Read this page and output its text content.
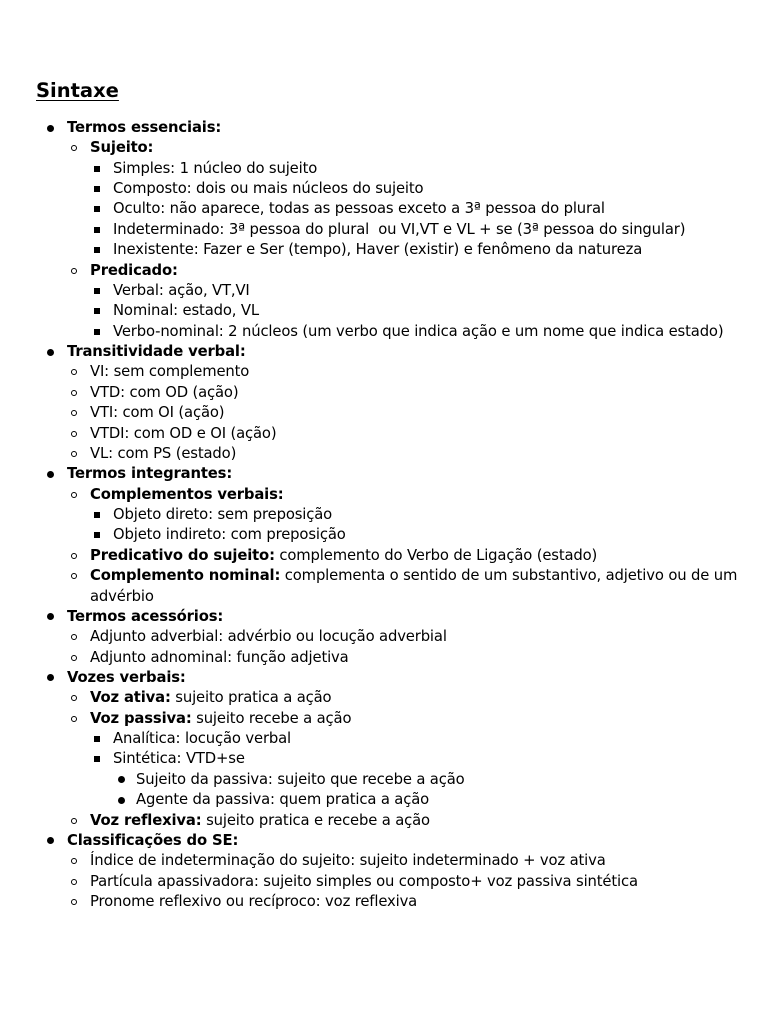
Sintaxe
Termos essenciais:
Sujeito:
Simples: 1 núcleo do sujeito
Composto: dois ou mais núcleos do sujeito
Oculto: não aparece, todas as pessoas exceto a 3ª pessoa do plural
Indeterminado: 3ª pessoa do plural  ou VI,VT e VL + se (3ª pessoa do singular)
Inexistente: Fazer e Ser (tempo), Haver (existir) e fenômeno da natureza
Predicado:
Verbal: ação, VT,VI
Nominal: estado, VL
Verbo-nominal: 2 núcleos (um verbo que indica ação e um nome que indica estado)
Transitividade verbal:
VI: sem complemento
VTD: com OD (ação)
VTI: com OI (ação)
VTDI: com OD e OI (ação)
VL: com PS (estado)
Termos integrantes:
Complementos verbais:
Objeto direto: sem preposição
Objeto indireto: com preposição
Predicativo do sujeito: complemento do Verbo de Ligação (estado)
Complemento nominal: complementa o sentido de um substantivo, adjetivo ou de um
advérbio
Termos acessórios:
Adjunto adverbial: advérbio ou locução adverbial
Adjunto adnominal: função adjetiva
Vozes verbais:
Voz ativa: sujeito pratica a ação
Voz passiva: sujeito recebe a ação
Analítica: locução verbal
Sintética: VTD+se
Sujeito da passiva: sujeito que recebe a ação
Agente da passiva: quem pratica a ação
Voz reflexiva: sujeito pratica e recebe a ação
Classificações do SE:
Índice de indeterminação do sujeito: sujeito indeterminado + voz ativa
Partícula apassivadora: sujeito simples ou composto+ voz passiva sintética
Pronome reflexivo ou recíproco: voz reflexiva
